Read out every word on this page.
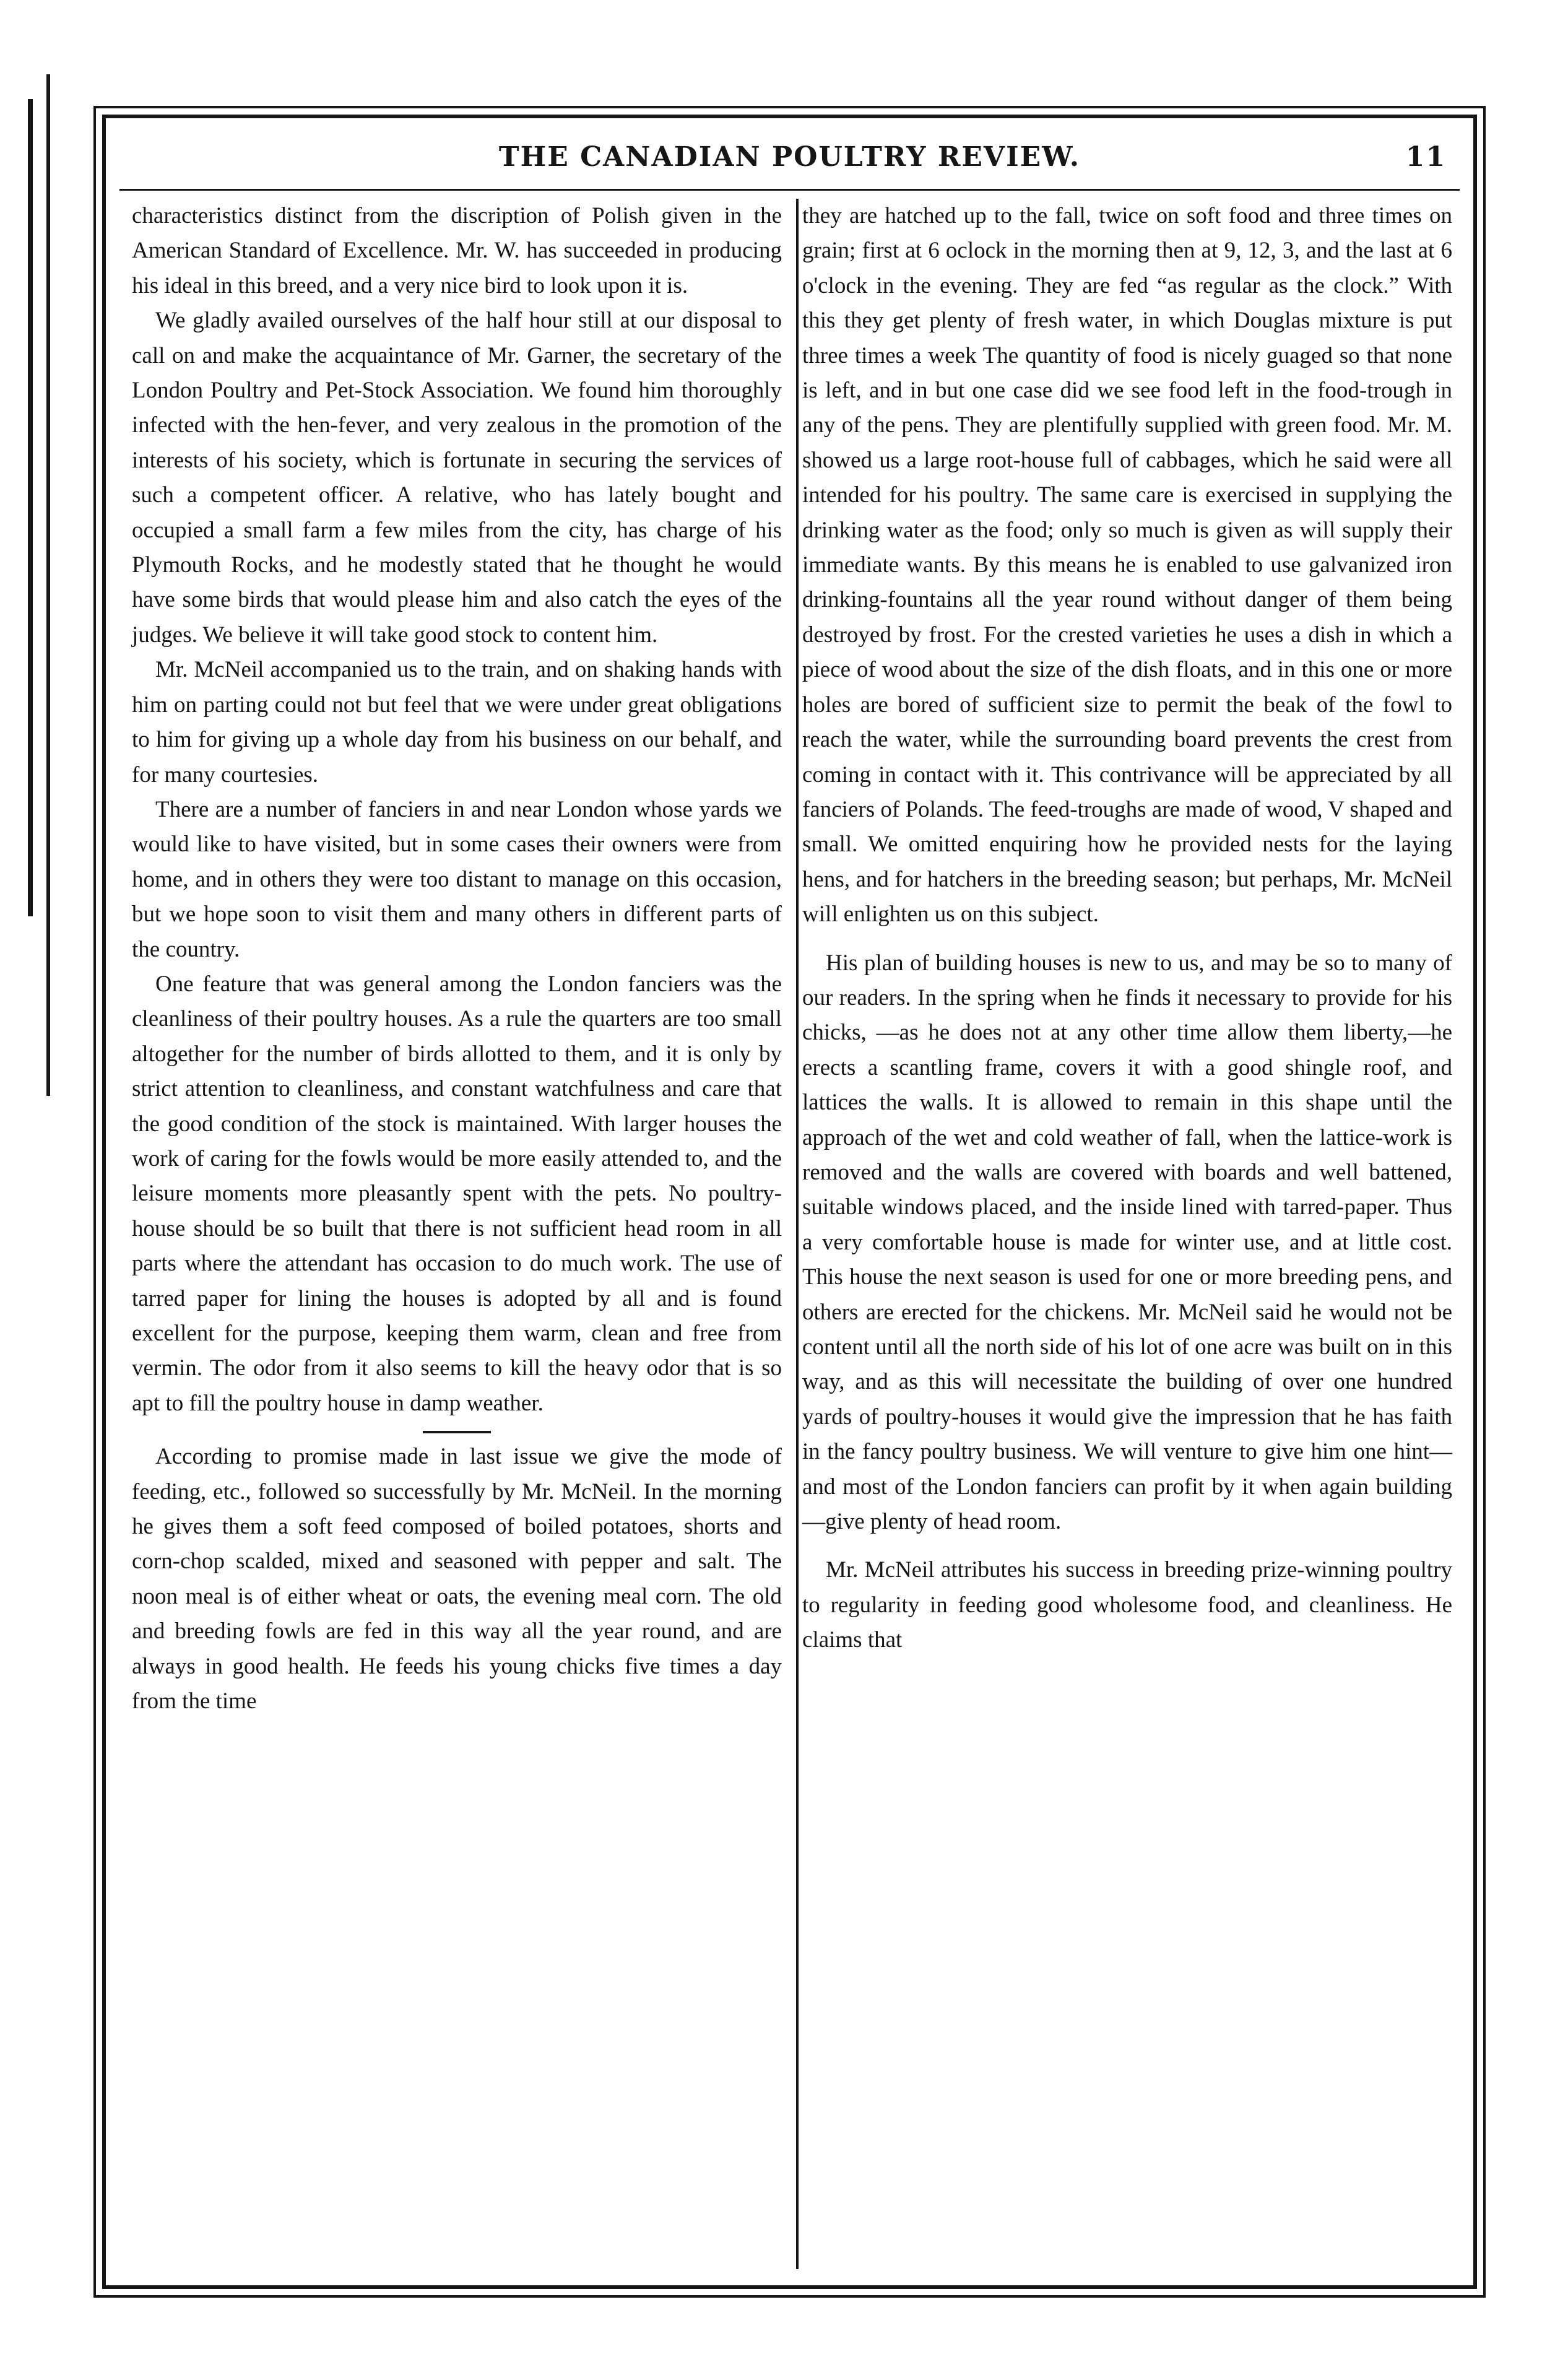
THE CANADIAN POULTRY REVIEW.	11

characteristics distinct from the discription of Polish given in the American Standard of Excellence. Mr. W. has succeeded in producing his ideal in this breed, and a very nice bird to look upon it is.

We gladly availed ourselves of the half hour still at our disposal to call on and make the acquaintance of Mr. Garner, the secretary of the London Poultry and Pet-Stock Association. We found him thoroughly infected with the hen-fever, and very zealous in the promotion of the interests of his society, which is fortunate in securing the services of such a competent officer. A relative, who has lately bought and occupied a small farm a few miles from the city, has charge of his Plymouth Rocks, and he modestly stated that he thought he would have some birds that would please him and also catch the eyes of the judges. We believe it will take good stock to content him.

Mr. McNeil accompanied us to the train, and on shaking hands with him on parting could not but feel that we were under great obligations to him for giving up a whole day from his business on our behalf, and for many courtesies.

There are a number of fanciers in and near London whose yards we would like to have visited, but in some cases their owners were from home, and in others they were too distant to manage on this occasion, but we hope soon to visit them and many others in different parts of the country.

One feature that was general among the London fanciers was the cleanliness of their poultry houses. As a rule the quarters are too small altogether for the number of birds allotted to them, and it is only by strict attention to cleanliness, and constant watchfulness and care that the good condition of the stock is maintained. With larger houses the work of caring for the fowls would be more easily attended to, and the leisure moments more pleasantly spent with the pets. No poultry-house should be so built that there is not sufficient head room in all parts where the attendant has occasion to do much work. The use of tarred paper for lining the houses is adopted by all and is found excellent for the purpose, keeping them warm, clean and free from vermin. The odor from it also seems to kill the heavy odor that is so apt to fill the poultry house in damp weather.

According to promise made in last issue we give the mode of feeding, etc., followed so successfully by Mr. McNeil. In the morning he gives them a soft feed composed of boiled potatoes, shorts and corn-chop scalded, mixed and seasoned with pepper and salt. The noon meal is of either wheat or oats, the evening meal corn. The old and breeding fowls are fed in this way all the year round, and are always in good health. He feeds his young chicks five times a day from the time

they are hatched up to the fall, twice on soft food and three times on grain; first at 6 oclock in the morning then at 9, 12, 3, and the last at 6 o'clock in the evening. They are fed “as regular as the clock.” With this they get plenty of fresh water, in which Douglas mixture is put three times a week The quantity of food is nicely guaged so that none is left, and in but one case did we see food left in the food-trough in any of the pens. They are plentifully supplied with green food. Mr. M. showed us a large root-house full of cabbages, which he said were all intended for his poultry. The same care is exercised in supplying the drinking water as the food; only so much is given as will supply their immediate wants. By this means he is enabled to use galvanized iron drinking-fountains all the year round without danger of them being destroyed by frost. For the crested varieties he uses a dish in which a piece of wood about the size of the dish floats, and in this one or more holes are bored of sufficient size to permit the beak of the fowl to reach the water, while the surrounding board prevents the crest from coming in contact with it. This contrivance will be appreciated by all fanciers of Polands. The feed-troughs are made of wood, V shaped and small. We omitted enquiring how he provided nests for the laying hens, and for hatchers in the breeding season; but perhaps, Mr. McNeil will enlighten us on this subject.

His plan of building houses is new to us, and may be so to many of our readers. In the spring when he finds it necessary to provide for his chicks, —as he does not at any other time allow them liberty,—he erects a scantling frame, covers it with a good shingle roof, and lattices the walls. It is allowed to remain in this shape until the approach of the wet and cold weather of fall, when the lattice-work is removed and the walls are covered with boards and well battened, suitable windows placed, and the inside lined with tarred-paper. Thus a very comfortable house is made for winter use, and at little cost. This house the next season is used for one or more breeding pens, and others are erected for the chickens. Mr. McNeil said he would not be content until all the north side of his lot of one acre was built on in this way, and as this will necessitate the building of over one hundred yards of poultry-houses it would give the impression that he has faith in the fancy poultry business. We will venture to give him one hint—and most of the London fanciers can profit by it when again building—give plenty of head room.

Mr. McNeil attributes his success in breeding prize-winning poultry to regularity in feeding good wholesome food, and cleanliness. He claims that
